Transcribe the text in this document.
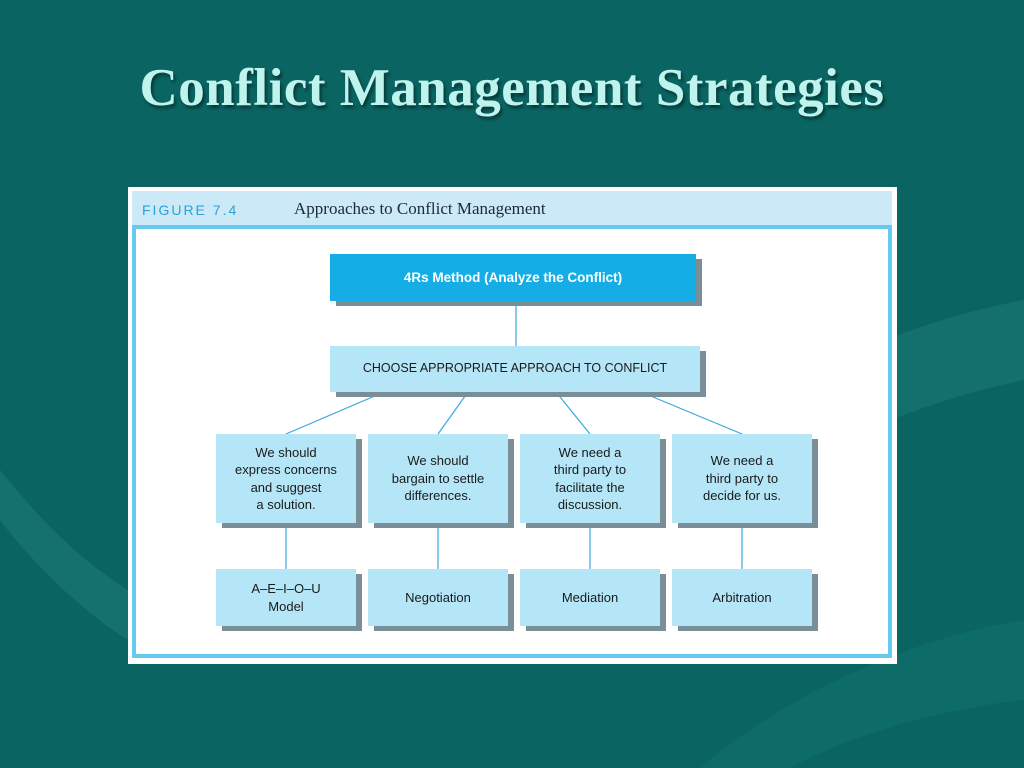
Conflict Management Strategies
FIGURE 7.4	Approaches to Conflict Management
4Rs Method (Analyze the Conflict)
CHOOSE APPROPRIATE APPROACH TO CONFLICT
We should
express concerns
and suggest
a solution.
We should
bargain to settle
differences.
We need a
third party to
facilitate the
discussion.
We need a
third party to
decide for us.
A–E–I–O–U
Model
Negotiation	Mediation	Arbitration
